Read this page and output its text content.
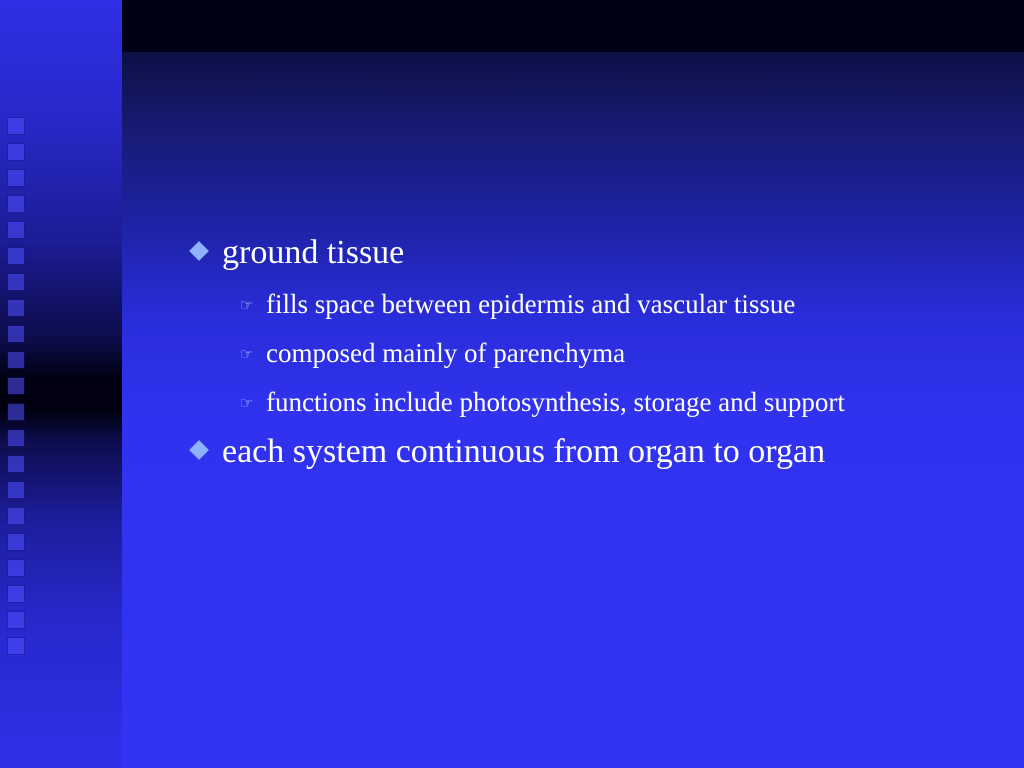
ground tissue
☞ fills space between epidermis and vascular tissue
☞ composed mainly of parenchyma
☞ functions include photosynthesis, storage and support
each system continuous from organ to organ
